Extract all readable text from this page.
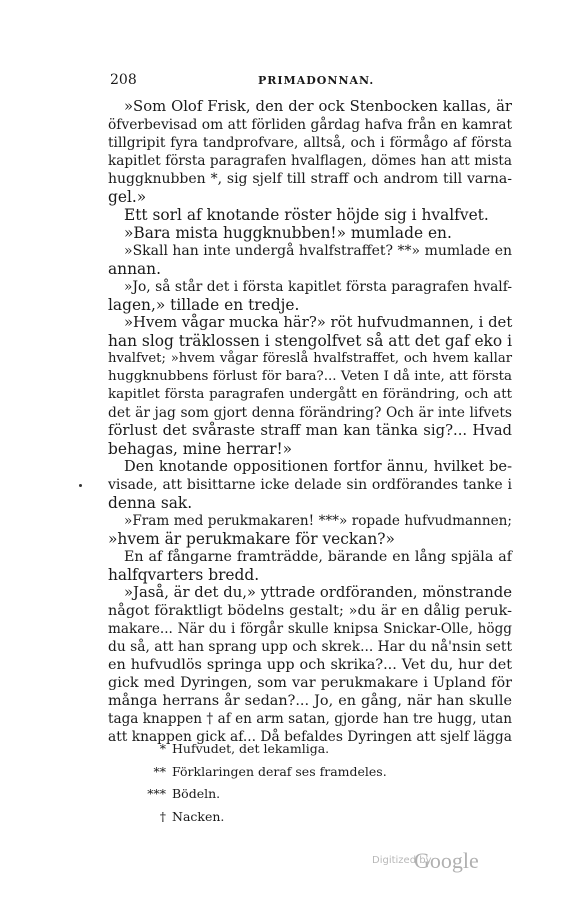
208	PRIMADONNAN.
»Som Olof Frisk, den der ock Stenbocken kallas, är
öfverbevisad om att förliden gårdag hafva från en kamrat
tillgripit fyra tandprofvare, alltså, och i förmågo af första
kapitlet första paragrafen hvalflagen, dömes han att mista
huggknubben *, sig sjelf till straff och androm till varna-
gel.»
Ett sorl af knotande röster höjde sig i hvalfvet.
»Bara mista huggknubben!» mumlade en.
»Skall han inte undergå hvalfstraffet? **» mumlade en
annan.
»Jo, så står det i första kapitlet första paragrafen hvalf-
lagen,» tillade en tredje.
»Hvem vågar mucka här?» röt hufvudmannen, i det
han slog träklossen i stengolfvet så att det gaf eko i
hvalfvet; »hvem vågar föreslå hvalfstraffet, och hvem kallar
huggknubbens förlust för bara?... Veten I då inte, att första
kapitlet första paragrafen undergått en förändring, och att
det är jag som gjort denna förändring? Och är inte lifvets
förlust det svåraste straff man kan tänka sig?... Hvad
behagas, mine herrar!»
Den knotande oppositionen fortfor ännu, hvilket be-
visade, att bisittarne icke delade sin ordförandes tanke i
denna sak.
»Fram med perukmakaren! ***» ropade hufvudmannen;
»hvem är perukmakare för veckan?»
En af fångarne framträdde, bärande en lång spjäla af
halfqvarters bredd.
»Jaså, är det du,» yttrade ordföranden, mönstrande
något föraktligt bödelns gestalt; »du är en dålig peruk-
makare... När du i förgår skulle knipsa Snickar-Olle, högg
du så, att han sprang upp och skrek... Har du nå'nsin sett
en hufvudlös springa upp och skrika?... Vet du, hur det
gick med Dyringen, som var perukmakare i Upland för
många herrans år sedan?... Jo, en gång, när han skulle
taga knappen † af en arm satan, gjorde han tre hugg, utan
att knappen gick af... Då befaldes Dyringen att sjelf lägga
* Hufvudet, det lekamliga.
** Förklaringen deraf ses framdeles.
*** Bödeln.
† Nacken.
Digitized by
Google
